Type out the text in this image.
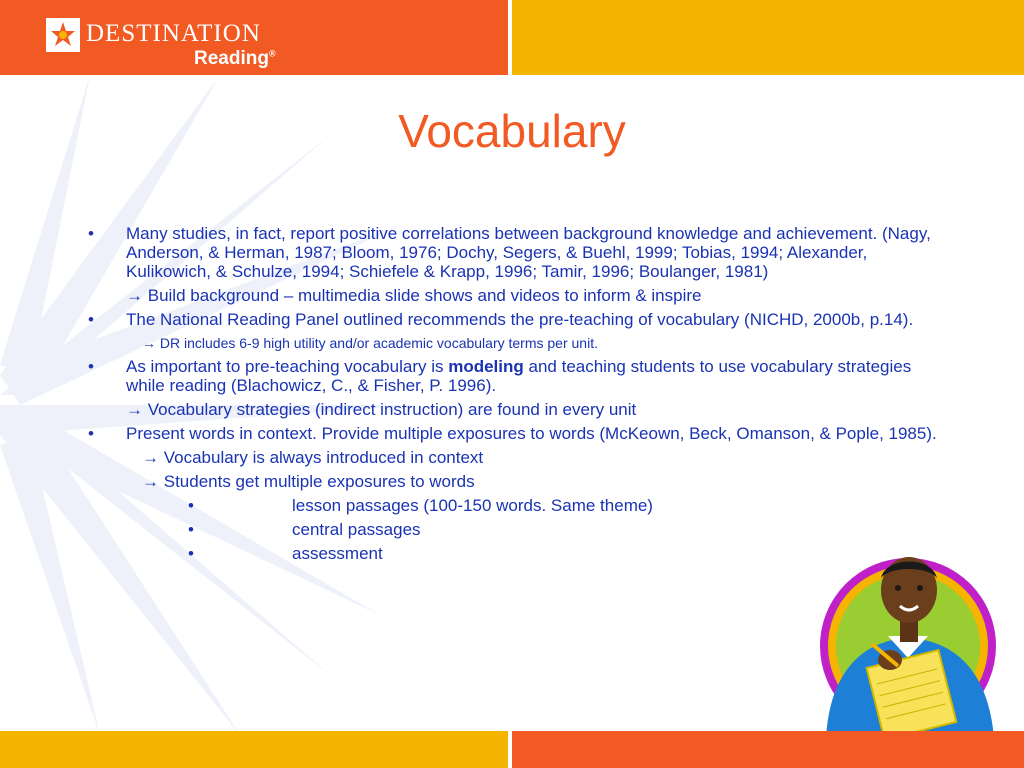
DESTINATION
Reading®
Vocabulary
• Many studies, in fact, report positive correlations between background knowledge and achievement. (Nagy, Anderson, & Herman, 1987; Bloom, 1976; Dochy, Segers, & Buehl, 1999; Tobias, 1994; Alexander, Kulikowich, & Schulze, 1994; Schiefele & Krapp, 1996; Tamir, 1996; Boulanger, 1981)
→ Build background – multimedia slide shows and videos to inform & inspire
• The National Reading Panel outlined recommends the pre-teaching of vocabulary (NICHD, 2000b, p.14).
→ DR includes 6-9 high utility and/or academic vocabulary terms per unit.
• As important to pre-teaching vocabulary is modeling and teaching students to use vocabulary strategies while reading (Blachowicz, C., & Fisher, P. 1996).
→ Vocabulary strategies (indirect instruction) are found in every unit
• Present words in context. Provide multiple exposures to words (McKeown, Beck, Omanson, & Pople, 1985).
→ Vocabulary is always introduced in context
→ Students get multiple exposures to words
•	lesson passages (100-150 words. Same theme)
•	central passages
•	assessment
